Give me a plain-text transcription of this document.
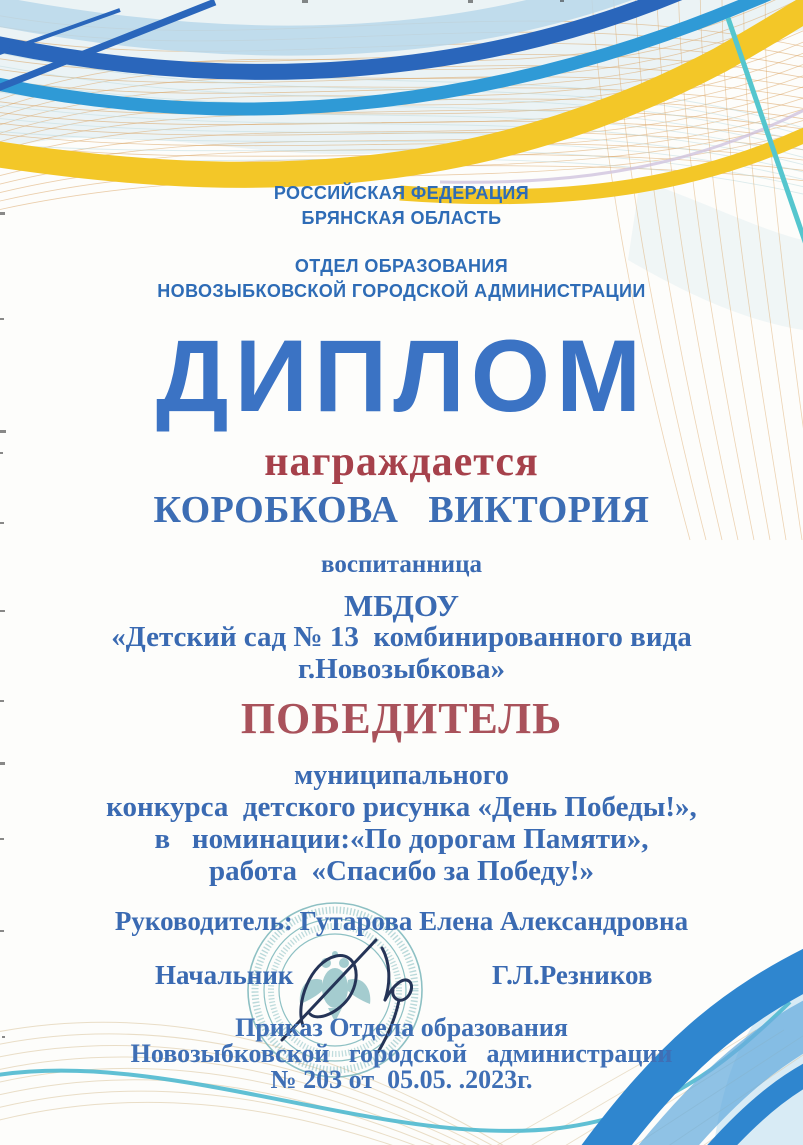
РОССИЙСКАЯ ФЕДЕРАЦИЯ
БРЯНСКАЯ ОБЛАСТЬ
ОТДЕЛ ОБРАЗОВАНИЯ
НОВОЗЫБКОВСКОЙ ГОРОДСКОЙ АДМИНИСТРАЦИИ
ДИПЛОМ
награждается
КОРОБКОВА   ВИКТОРИЯ
воспитанница
МБДОУ
«Детский сад № 13  комбинированного вида
г.Новозыбкова»
ПОБЕДИТЕЛЬ
муниципального
конкурса  детского рисунка «День Победы!»,
в   номинации:«По дорогам Памяти»,
работа  «Спасибо за Победу!»
Руководитель: Гутарова Елена Александровна
Начальник	Г.Л.Резников
Приказ Отдела образования
Новозыбковской   городской   администрации
№ 203 от  05.05. .2023г.
